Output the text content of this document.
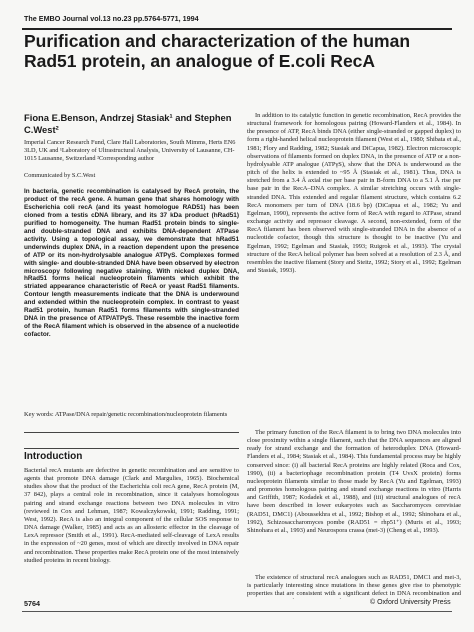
The EMBO Journal vol.13 no.23 pp.5764-5771, 1994
Purification and characterization of the human Rad51 protein, an analogue of E.coli RecA

Fiona E.Benson, Andrzej Stasiak¹ and Stephen C.West²

Imperial Cancer Research Fund, Clare Hall Laboratories, South Mimms, Herts EN6 3LD, UK and ¹Laboratory of Ultrastructural Analysis, University of Lausanne, CH-1015 Lausanne, Switzerland ²Corresponding author

Communicated by S.C.West

In bacteria, genetic recombination is catalysed by RecA protein, the product of the recA gene. A human gene that shares homology with Escherichia coli recA (and its yeast homologue RAD51) has been cloned from a testis cDNA library, and its 37 kDa product (hRad51) purified to homogeneity. The human Rad51 protein binds to single- and double-stranded DNA and exhibits DNA-dependent ATPase activity. Using a topological assay, we demonstrate that hRad51 underwinds duplex DNA, in a reaction dependent upon the presence of ATP or its non-hydrolysable analogue ATPγS. Complexes formed with single- and double-stranded DNA have been observed by electron microscopy following negative staining. With nicked duplex DNA, hRad51 forms helical nucleoprotein filaments which exhibit the striated appearance characteristic of RecA or yeast Rad51 filaments. Contour length measurements indicate that the DNA is underwound and extended within the nucleoprotein complex. In contrast to yeast Rad51 protein, human Rad51 forms filaments with single-stranded DNA in the presence of ATP/ATPγS. These resemble the inactive form of the RecA filament which is observed in the absence of a nucleotide cofactor.

Key words: ATPase/DNA repair/genetic recombination/nucleoprotein filaments

Introduction

Bacterial recA mutants are defective in genetic recombination and are sensitive to agents that promote DNA damage (Clark and Margulies, 1965). Biochemical studies show that the product of the Escherichia coli recA gene, RecA protein (M, 37 842), plays a central role in recombination, since it catalyses homologous pairing and strand exchange reactions between two DNA molecules in vitro (reviewed in Cox and Lehman, 1987; Kowalczykowski, 1991; Radding, 1991; West, 1992). RecA is also an integral component of the cellular SOS response to DNA damage (Walker, 1985) and acts as an allosteric effector in the cleavage of LexA repressor (Smith et al., 1991). RecA-mediated self-cleavage of LexA results in the expression of ~20 genes, most of which are directly involved in DNA repair and recombination. These properties make RecA protein one of the most intensively studied proteins in recent biology.

In addition to its catalytic function in genetic recombination, RecA provides the structural framework for homologous pairing (Howard-Flanders et al., 1984). In the presence of ATP, RecA binds DNA (either single-stranded or gapped duplex) to form a right-handed helical nucleoprotein filament (West et al., 1980; Shibata et al., 1981; Flory and Radding, 1982; Stasiak and DiCapua, 1982). Electron microscopic observations of filaments formed on duplex DNA, in the presence of ATP or a non-hydrolysable ATP analogue (ATPγS), show that the DNA is underwound as the pitch of the helix is extended to ~95 Å (Stasiak et al., 1981). Thus, DNA is stretched from a 3.4 Å axial rise per base pair in B-form DNA to a 5.1 Å rise per base pair in the RecA–DNA complex. A similar stretching occurs with single-stranded DNA. This extended and regular filament structure, which contains 6.2 RecA monomers per turn of DNA (18.6 bp) (DiCapua et al., 1982; Yu and Egelman, 1990), represents the active form of RecA with regard to ATPase, strand exchange activity and repressor cleavage. A second, non-extended, form of the RecA filament has been observed with single-stranded DNA in the absence of a nucleotide cofactor, though this structure is thought to be inactive (Yu and Egelman, 1992; Egelman and Stasiak, 1993; Ruigrok et al., 1993). The crystal structure of the RecA helical polymer has been solved at a resolution of 2.3 Å, and resembles the inactive filament (Story and Steitz, 1992; Story et al., 1992; Egelman and Stasiak, 1993).

The primary function of the RecA filament is to bring two DNA molecules into close proximity within a single filament, such that the DNA sequences are aligned ready for strand exchange and the formation of heteroduplex DNA (Howard-Flanders et al., 1984; Stasiak et al., 1984). This fundamental process may be highly conserved since: (i) all bacterial RecA proteins are highly related (Roca and Cox, 1990), (ii) a bacteriophage recombination protein (T4 UvsX protein) forms nucleoprotein filaments similar to those made by RecA (Yu and Egelman, 1993) and promotes homologous pairing and strand exchange reactions in vitro (Harris and Griffith, 1987; Kodadek et al., 1988), and (iii) structural analogues of recA have been described in lower eukaryotes such as Saccharomyces cerevisiae (RAD51, DMC1) (Aboussekhra et al., 1992; Bishop et al., 1992; Shinohara et al., 1992), Schizosaccharomyces pombe (RAD51 = rhp51⁺) (Muris et al., 1993; Shinohara et al., 1993) and Neurospora crassa (mei-3) (Cheng et al., 1993).

The existence of structural recA analogues such as RAD51, DMC1 and mei-3, is particularly interesting since mutations in these genes give rise to phenotypic properties that are consistent with a significant defect in DNA recombination and

5764	© Oxford University Press
